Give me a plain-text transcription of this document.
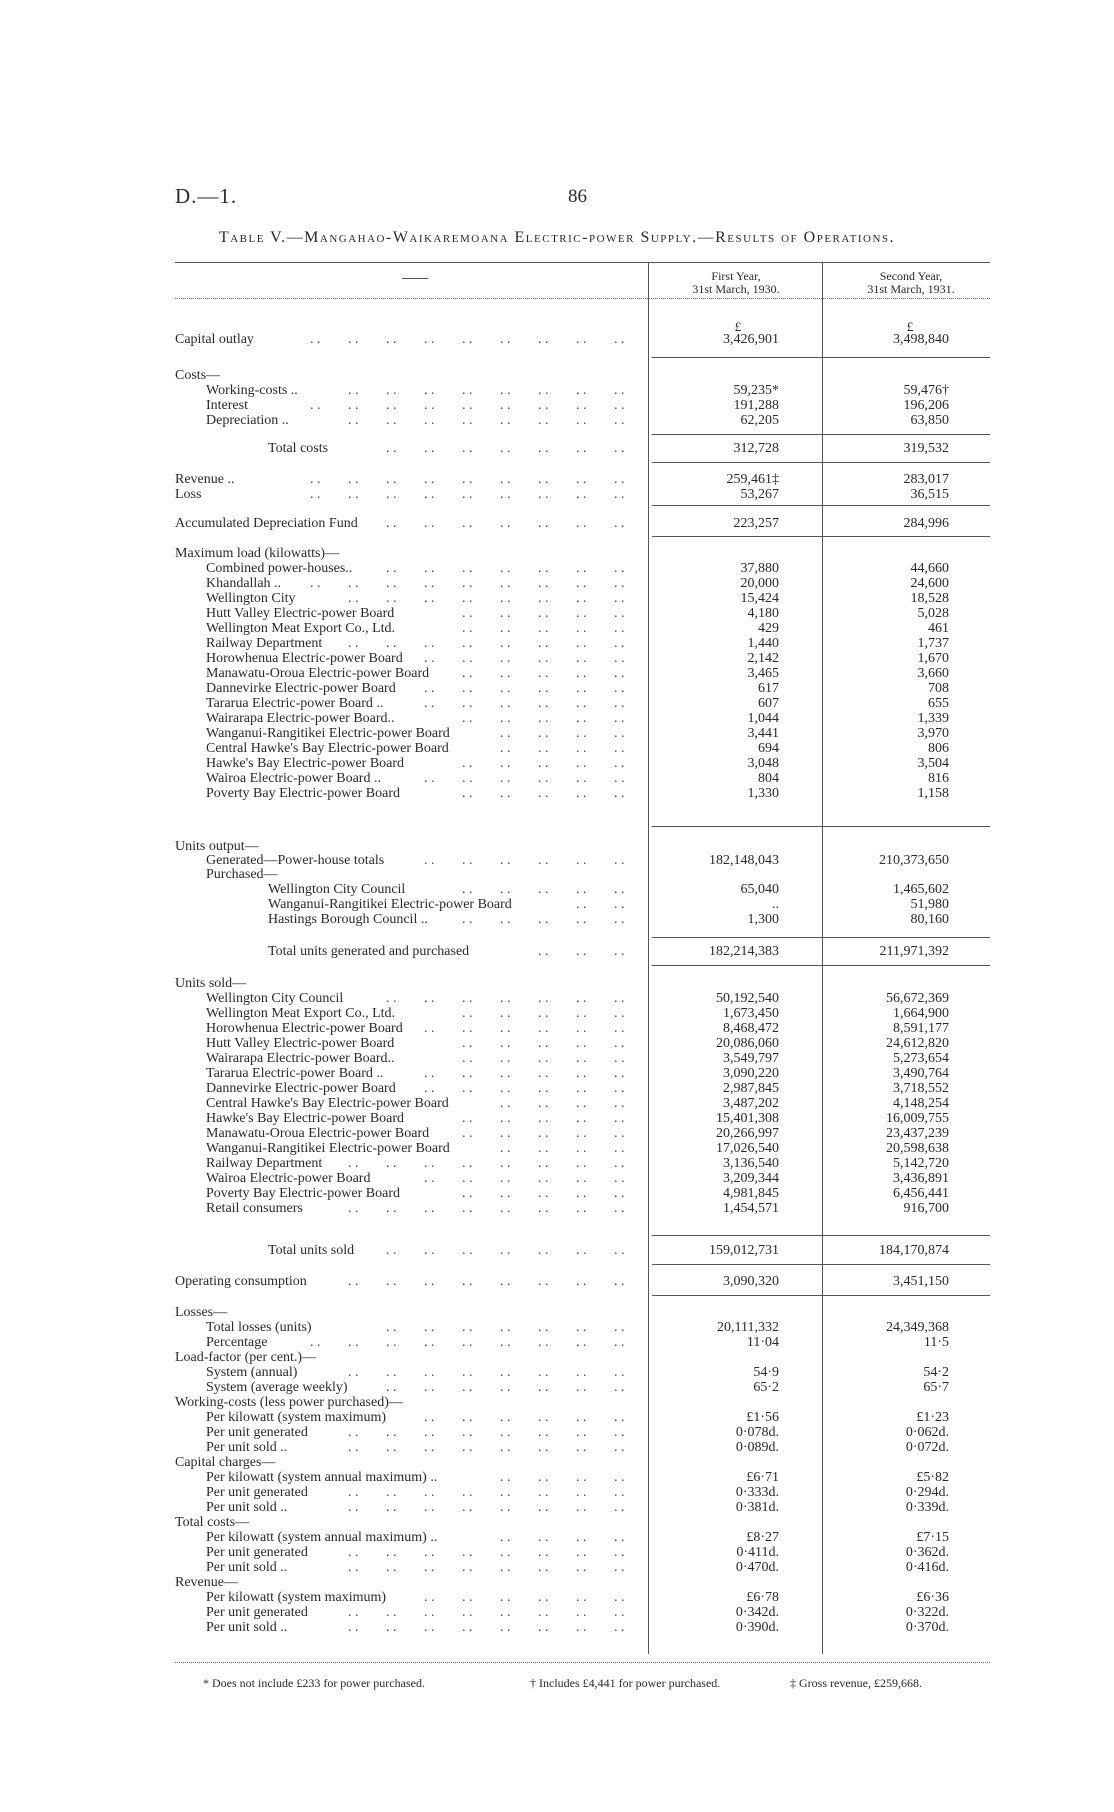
D.—1.	86
Table V.—Mangahao-Waikaremoana Electric-power Supply.—Results of Operations.
First Year,
31st March, 1930.
Second Year,
31st March, 1931.
£	£
Capital outlay	. . . . . . . . . . . . . . . . . .	3,426,901	3,498,840
Costs—
Working-costs ..	. . . . . . . . . . . . . . . .	59,235*	59,476†
Interest	. . . . . . . . . . . . . . . . . .	191,288	196,206
Depreciation ..	. . . . . . . . . . . . . . . .	62,205	63,850
Total costs	. . . . . . . . . . . . . .	312,728	319,532
Revenue ..	. . . . . . . . . . . . . . . . . .	259,461‡	283,017
Loss	. . . . . . . . . . . . . . . . . .	53,267	36,515
Accumulated Depreciation Fund . . . . . . . . . . . . . .	223,257	284,996
Maximum load (kilowatts)—
Combined power-houses.. . . . . . . . . . . . . . .	37,880	44,660
Khandallah .. . . . . . . . . . . . . . . . . . .	20,000	24,600
Wellington City	. . . . . . . . . . . . . . . .	15,424	18,528
Hutt Valley Electric-power Board	. . . . . . . . . .	4,180	5,028
Wellington Meat Export Co., Ltd.	. . . . . . . . . .	429	461
Railway Department . . . . . . . . . . . . . . . .	1,440	1,737
Horowhenua Electric-power Board . . . . . . . . . . . .	2,142	1,670
Manawatu-Oroua Electric-power Board . . . . . . . . . .	3,465	3,660
Dannevirke Electric-power Board . . . . . . . . . . . .	617	708
Tararua Electric-power Board ..	. . . . . . . . . . . .	607	655
Wairarapa Electric-power Board..	. . . . . . . . . .	1,044	1,339
Wanganui-Rangitikei Electric-power Board	. . . . . . . .	3,441	3,970
Central Hawke's Bay Electric-power Board	. . . . . . . .	694	806
Hawke's Bay Electric-power Board	. . . . . . . . . .	3,048	3,504
Wairoa Electric-power Board ..	. . . . . . . . . . . .	804	816
Poverty Bay Electric-power Board	. . . . . . . . . .	1,330	1,158
Units output—
Generated—Power-house totals	. . . . . . . . . . . .	182,148,043	210,373,650
Purchased—
Wellington City Council	. . . . . . . . . .	65,040	1,465,602
Wanganui-Rangitikei Electric-power Board	. . . .	..	51,980
Hastings Borough Council .. . . . . . . . . . .	1,300	80,160
Total units generated and purchased	. . . . . .	182,214,383	211,971,392
Units sold—
Wellington City Council	. . . . . . . . . . . . . .	50,192,540	56,672,369
Wellington Meat Export Co., Ltd.	. . . . . . . . . .	1,673,450	1,664,900
Horowhenua Electric-power Board . . . . . . . . . . . .	8,468,472	8,591,177
Hutt Valley Electric-power Board	. . . . . . . . . .	20,086,060	24,612,820
Wairarapa Electric-power Board..	. . . . . . . . . .	3,549,797	5,273,654
Tararua Electric-power Board ..	. . . . . . . . . . . .	3,090,220	3,490,764
Dannevirke Electric-power Board . . . . . . . . . . . .	2,987,845	3,718,552
Central Hawke's Bay Electric-power Board	. . . . . . . .	3,487,202	4,148,254
Hawke's Bay Electric-power Board	. . . . . . . . . .	15,401,308	16,009,755
Manawatu-Oroua Electric-power Board . . . . . . . . . .	20,266,997	23,437,239
Wanganui-Rangitikei Electric-power Board	. . . . . . . .	17,026,540	20,598,638
Railway Department . . . . . . . . . . . . . . . .	3,136,540	5,142,720
Wairoa Electric-power Board	. . . . . . . . . . . .	3,209,344	3,436,891
Poverty Bay Electric-power Board	. . . . . . . . . .	4,981,845	6,456,441
Retail consumers	. . . . . . . . . . . . . . . .	1,454,571	916,700
Total units sold . . . . . . . . . . . . . .	159,012,731	184,170,874
Operating consumption	. . . . . . . . . . . . . . . .	3,090,320	3,451,150
Losses—
Total losses (units)	. . . . . . . . . . . . . .	20,111,332	24,349,368
Percentage	. . . . . . . . . . . . . . . . . .	11·04	11·5
Load-factor (per cent.)—
System (annual)	. . . . . . . . . . . . . . . .	54·9	54·2
System (average weekly)	. . . . . . . . . . . . . .	65·2	65·7
Working-costs (less power purchased)—
Per kilowatt (system maximum)	. . . . . . . . . . . .	£1·56	£1·23
Per unit generated	. . . . . . . . . . . . . . . .	0·078d.	0·062d.
Per unit sold ..	. . . . . . . . . . . . . . . .	0·089d.	0·072d.
Capital charges—
Per kilowatt (system annual maximum) ..	. . . . . . . .	£6·71	£5·82
Per unit generated	. . . . . . . . . . . . . . . .	0·333d.	0·294d.
Per unit sold ..	. . . . . . . . . . . . . . . .	0·381d.	0·339d.
Total costs—
Per kilowatt (system annual maximum) ..	. . . . . . . .	£8·27	£7·15
Per unit generated	. . . . . . . . . . . . . . . .	0·411d.	0·362d.
Per unit sold ..	. . . . . . . . . . . . . . . .	0·470d.	0·416d.
Revenue—
Per kilowatt (system maximum)	. . . . . . . . . . . .	£6·78	£6·36
Per unit generated	. . . . . . . . . . . . . . . .	0·342d.	0·322d.
Per unit sold ..	. . . . . . . . . . . . . . . .	0·390d.	0·370d.
* Does not include £233 for power purchased.	† Includes £4,441 for power purchased.	‡ Gross revenue, £259,668.
